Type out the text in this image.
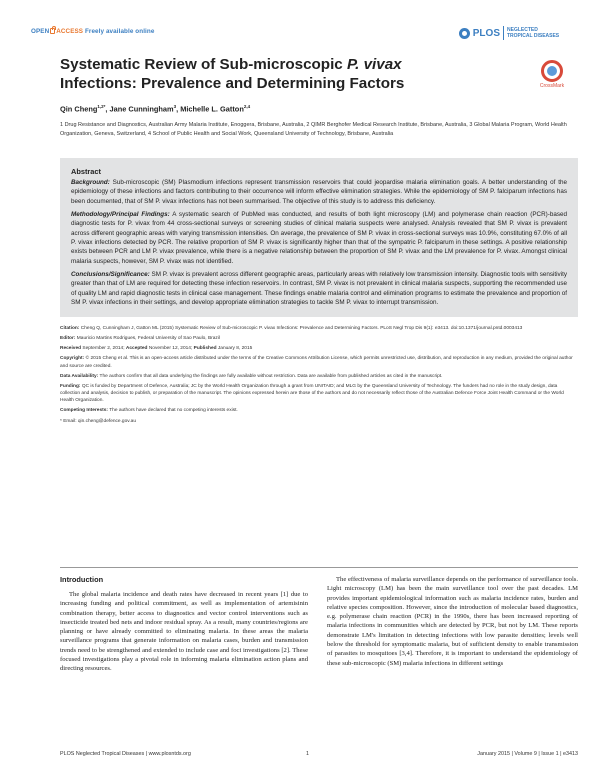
OPEN ACCESS Freely available online	PLOS NEGLECTED
TROPICAL DISEASES
Systematic Review of Sub-microscopic P. vivax
Infections: Prevalence and Determining Factors	CrossMark
Qin Cheng$^{1,2*}$, Jane Cunningham$^3$, Michelle L. Gatton$^{2,4}$
1 Drug Resistance and Diagnostics, Australian Army Malaria Institute, Enoggera, Brisbane, Australia, 2 QIMR Berghofer Medical Research Institute, Brisbane, Australia, 3 Global Malaria Program, World Health Organization, Geneva, Switzerland, 4 School of Public Health and Social Work, Queensland University of Technology, Brisbane, Australia
Abstract

Background: Sub-microscopic (SM) Plasmodium infections represent transmission reservoirs that could jeopardise malaria elimination goals. A better understanding of the epidemiology of these infections and factors contributing to their occurrence will inform effective elimination strategies. While the epidemiology of SM P. falciparum infections has been documented, that of SM P. vivax infections has not been summarised. The objective of this study is to address this deficiency.

Methodology/Principal Findings: A systematic search of PubMed was conducted, and results of both light microscopy (LM) and polymerase chain reaction (PCR)-based diagnostic tests for P. vivax from 44 cross-sectional surveys or screening studies of clinical malaria suspects were analysed. Analysis revealed that SM P. vivax is prevalent across different geographic areas with varying transmission intensities. On average, the prevalence of SM P. vivax in cross-sectional surveys was 10.9%, constituting 67.0% of all P. vivax infections detected by PCR. The relative proportion of SM P. vivax is significantly higher than that of the sympatric P. falciparum in these settings. A positive relationship exists between PCR and LM P. vivax prevalence, while there is a negative relationship between the proportion of SM P. vivax and the LM prevalence for P. vivax. Amongst clinical malaria suspects, however, SM P. vivax was not identified.

Conclusions/Significance: SM P. vivax is prevalent across different geographic areas, particularly areas with relatively low transmission intensity. Diagnostic tools with sensitivity greater than that of LM are required for detecting these infection reservoirs. In contrast, SM P. vivax is not prevalent in clinical malaria suspects, supporting the recommended use of quality LM and rapid diagnostic tests in clinical case management. These findings enable malaria control and elimination programs to estimate the prevalence and proportion of SM P. vivax infections in their settings, and develop appropriate elimination strategies to tackle SM P. vivax to interrupt transmission.

Citation: Cheng Q, Cunningham J, Gatton ML (2015) Systematic Review of Sub-microscopic P. vivax Infections: Prevalence and Determining Factors. PLoS Negl Trop Dis 9(1): e3413. doi:10.1371/journal.pntd.0003413

Editor: Mauricio Martins Rodrigues, Federal University of Sao Paulo, Brazil

Received September 2, 2014; Accepted November 12, 2014; Published January 8, 2015

Copyright: © 2015 Cheng et al. This is an open-access article distributed under the terms of the Creative Commons Attribution License, which permits unrestricted use, distribution, and reproduction in any medium, provided the original author and source are credited.

Data Availability: The authors confirm that all data underlying the findings are fully available without restriction. Data are available from published articles as cited in the manuscript.

Funding: QC is funded by Department of Defence, Australia; JC by the World Health Organization through a grant from UNITAID; and MLG by the Queensland University of Technology. The funders had no role in the study design, data collection and analysis, decision to publish, or preparation of the manuscript. The opinions expressed herein are those of the authors and do not necessarily reflect those of the Australian Defence Force Joint Health Command or the World Health Organization.

Competing Interests: The authors have declared that no competing interests exist.

* Email: qin.cheng@defence.gov.au

Introduction
The global malaria incidence and death rates have decreased in recent years [1] due to increasing funding and political commitment, as well as implementation of artemisinin combination therapy, better access to diagnostics and vector control interventions such as insecticide treated bed nets and indoor residual spray. As a result, many countries/regions are planning or have already committed to eliminating malaria. In these areas the malaria surveillance programs that generate information on malaria cases, burden and transmission trends need to be strengthened and extended to include case and foci investigations [2]. These focused investigations play a pivotal role in informing malaria elimination action plans and directing resources.
The effectiveness of malaria surveillance depends on the performance of surveillance tools. Light microscopy (LM) has been the main surveillance tool over the past decades. LM provides important epidemiological information such as malaria incidence rates, burden and relative species composition. However, since the introduction of molecular based diagnostics, e.g. polymerase chain reaction (PCR) in the 1990s, there has been increased reporting of malaria infections in communities which are detected by PCR, but not by LM. These reports demonstrate LM's limitation in detecting infections with low parasite densities; levels well below the threshold for symptomatic malaria, but of sufficient density to enable transmission of parasites to mosquitoes [3,4]. Therefore, it is important to understand the epidemiology of these sub-microscopic (SM) malaria infections in different settings
PLOS Neglected Tropical Diseases | www.plosntds.org	1	January 2015 | Volume 9 | Issue 1 | e3413
